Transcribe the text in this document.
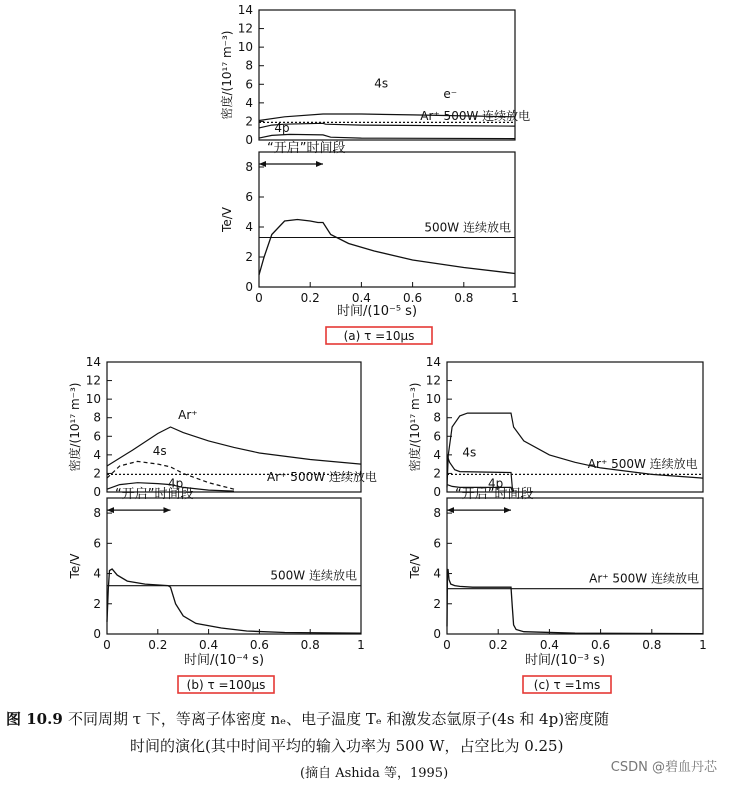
0
2
4
6
8
10
12
14
密度/(10¹⁷ m⁻³)	4s
e⁻
Ar⁺ 500W 连续放电
4p
0
2
4
6
8
Te/V
0	0.2	0.4	0.6	0.8	1
时间/(10⁻⁵ s)
“开启”时间段
500W 连续放电
(a) τ =10μs
0
2
4
6
8
10
12
14
密度/(10¹⁷ m⁻³)	Ar⁺
4s
Ar⁺ 500W 连续放电
4p
0
2
4
6
8
Te/V
0	0.2	0.4	0.6	0.8	1
时间/(10⁻⁴ s)
“开启”时间段
500W 连续放电
(b) τ =100μs
0
2
4
6
8
10
12
14
密度/(10¹⁷ m⁻³)	4s
Ar⁺ 500W 连续放电
4p
0
2
4
6
8
Te/V
0	0.2	0.4	0.6	0.8	1
时间/(10⁻³ s)
“开启”时间段
Ar⁺ 500W 连续放电
(c) τ =1ms
图 10.9 不同周期 τ 下，等离子体密度 nₑ、电子温度 Tₑ 和激发态氩原子(4s 和 4p)密度随
时间的演化(其中时间平均的输入功率为 500 W，占空比为 0.25)
(摘自 Ashida 等，1995)	CSDN @碧血丹芯
